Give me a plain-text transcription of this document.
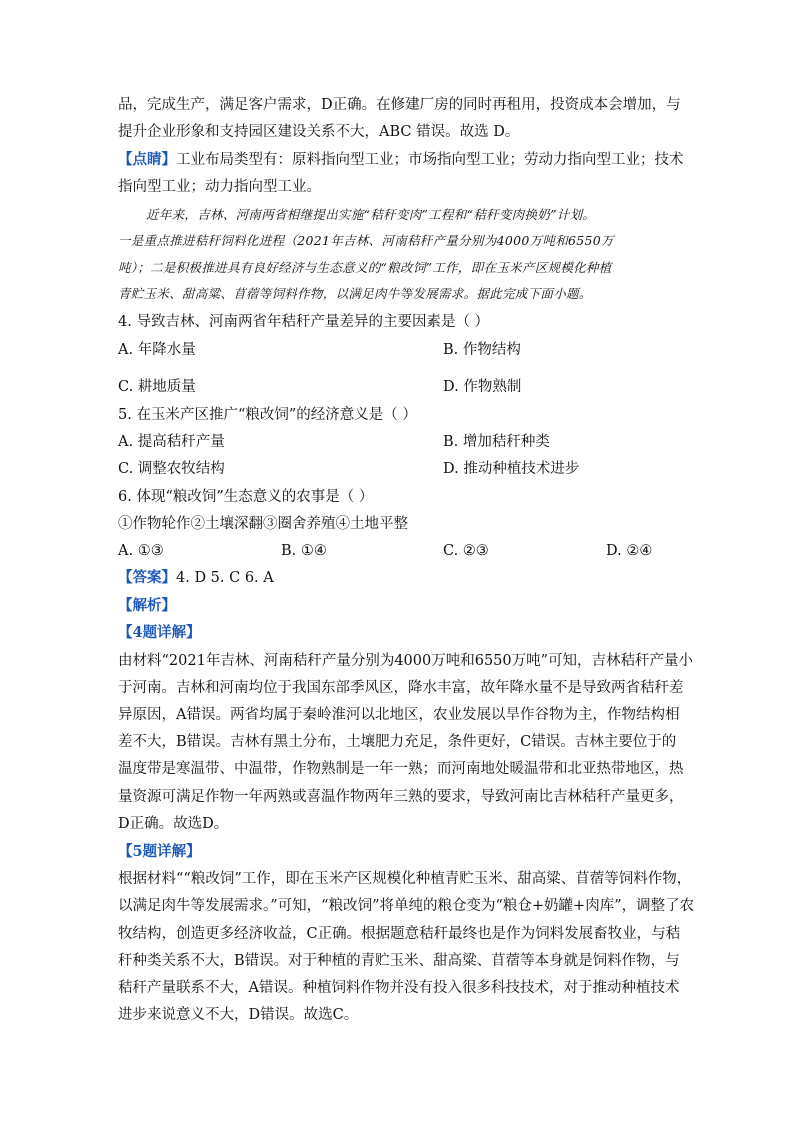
品，完成生产，满足客户需求，D正确。在修建厂房的同时再租用，投资成本会增加，与
提升企业形象和支持园区建设关系不大，ABC 错误。故选 D。
【点睛】工业布局类型有：原料指向型工业；市场指向型工业；劳动力指向型工业；技术
指向型工业；动力指向型工业。
近年来，吉林、河南两省相继提出实施“秸秆变肉”工程和“秸秆变肉换奶”计划。
一是重点推进秸秆饲料化进程（2021年吉林、河南秸秆产量分别为4000万吨和6550万
吨）；二是积极推进具有良好经济与生态意义的“粮改饲”工作，即在玉米产区规模化种植
青贮玉米、甜高粱、苜蓿等饲料作物，以满足肉牛等发展需求。据此完成下面小题。
4. 导致吉林、河南两省年秸秆产量差异的主要因素是（ ）
A. 年降水量	B. 作物结构
C. 耕地质量	D. 作物熟制
5. 在玉米产区推广“粮改饲”的经济意义是（ ）
A. 提高秸秆产量	B. 增加秸秆种类
C. 调整农牧结构	D. 推动种植技术进步
6. 体现“粮改饲”生态意义的农事是（ ）
①作物轮作②土壤深翻③圈舍养殖④土地平整
A. ①③	B. ①④	C. ②③	D. ②④
【答案】4. D 5. C 6. A
【解析】
【4题详解】
由材料“2021年吉林、河南秸秆产量分别为4000万吨和6550万吨”可知，吉林秸秆产量小
于河南。吉林和河南均位于我国东部季风区，降水丰富，故年降水量不是导致两省秸秆差
异原因，A错误。两省均属于秦岭淮河以北地区，农业发展以旱作谷物为主，作物结构相
差不大，B错误。吉林有黑土分布，土壤肥力充足，条件更好，C错误。吉林主要位于的
温度带是寒温带、中温带，作物熟制是一年一熟；而河南地处暖温带和北亚热带地区，热
量资源可满足作物一年两熟或喜温作物两年三熟的要求，导致河南比吉林秸秆产量更多，
D正确。故选D。
【5题详解】
根据材料““粮改饲”工作，即在玉米产区规模化种植青贮玉米、甜高粱、苜蓿等饲料作物，
以满足肉牛等发展需求。”可知，“粮改饲”将单纯的粮仓变为“粮仓+奶罐+肉库”，调整了农
牧结构，创造更多经济收益，C正确。根据题意秸秆最终也是作为饲料发展畜牧业，与秸
秆种类关系不大，B错误。对于种植的青贮玉米、甜高粱、苜蓿等本身就是饲料作物，与
秸秆产量联系不大，A错误。种植饲料作物并没有投入很多科技技术，对于推动种植技术
进步来说意义不大，D错误。故选C。
